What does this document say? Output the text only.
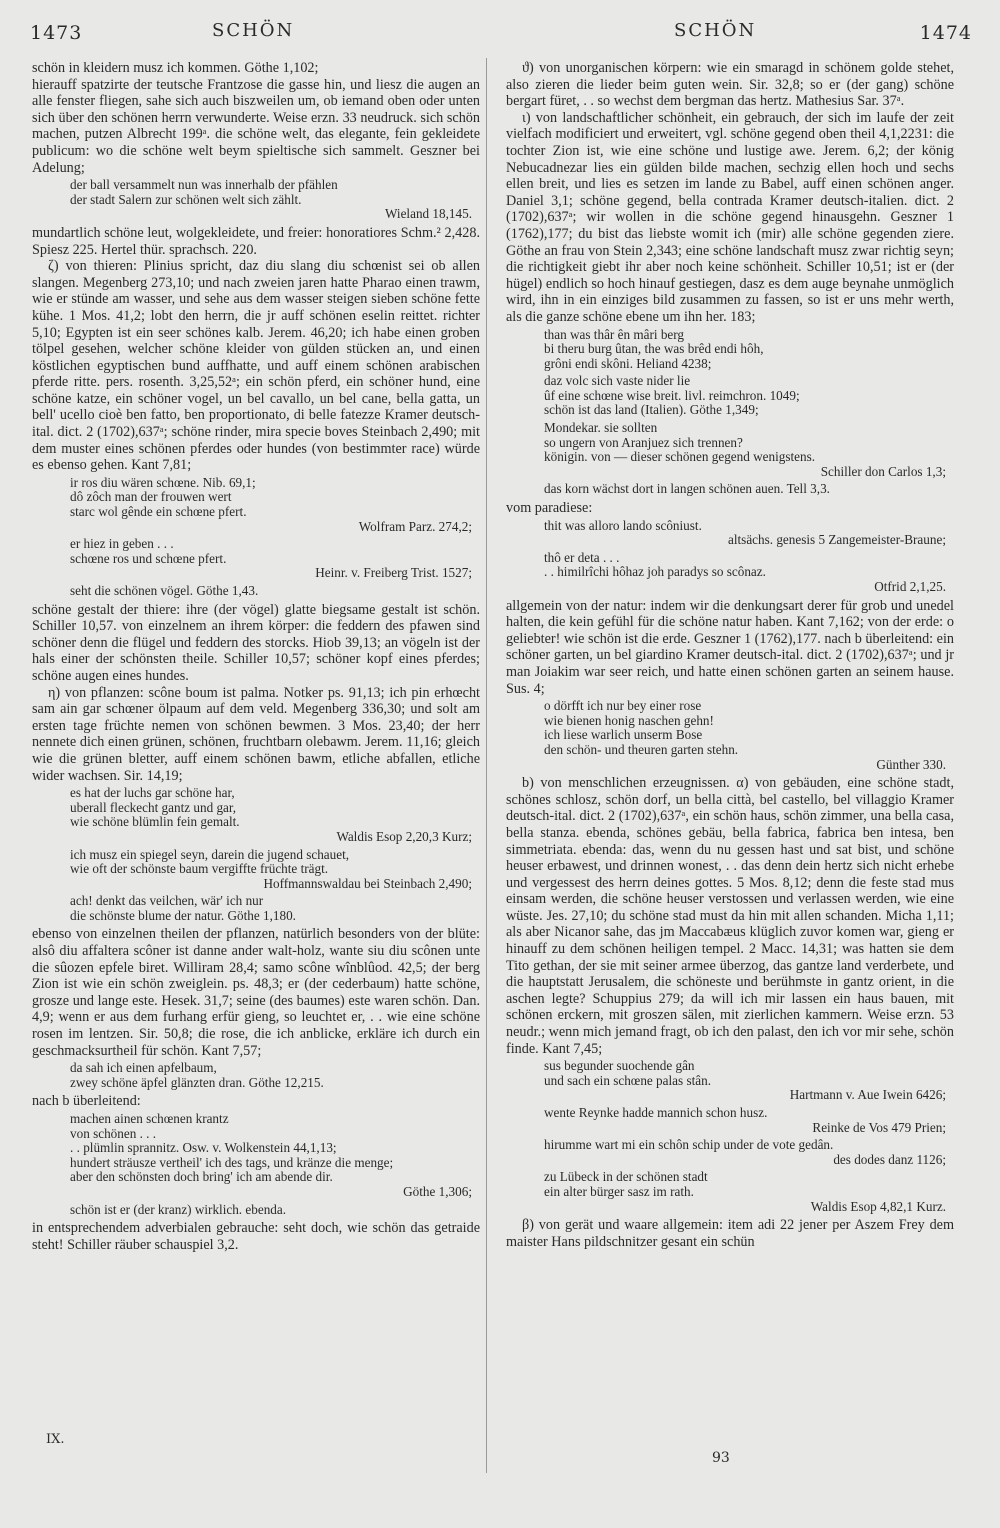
1473	SCHÖN	SCHÖN	1474

schön in kleidern musz ich kommen. Göthe 1,102;

hierauff spatzirte der teutsche Frantzose die gasse hin, und liesz die augen an alle fenster fliegen, sahe sich auch biszweilen um, ob iemand oben oder unten sich über den schönen herrn verwunderte. Weise erzn. 33 neudruck. sich schön machen, putzen Albrecht 199ᵃ. die schöne welt, das elegante, fein gekleidete publicum: wo die schöne welt beym spieltische sich sammelt. Geszner bei Adelung;

der ball versammelt nun was innerhalb der pfählen
der stadt Salern zur schönen welt sich zählt.
Wieland 18,145.

mundartlich schöne leut, wolgekleidete, und freier: honoratiores Schm.² 2,428. Spiesz 225. Hertel thür. sprachsch. 220.

ζ) von thieren: Plinius spricht, daz diu slang diu schœnist sei ob allen slangen. Megenberg 273,10; und nach zweien jaren hatte Pharao einen trawm, wie er stünde am wasser, und sehe aus dem wasser steigen sieben schöne fette kühe. 1 Mos. 41,2; lobt den herrn, die jr auff schönen eselin reittet. richter 5,10; Egypten ist ein seer schönes kalb. Jerem. 46,20; ich habe einen groben tölpel gesehen, welcher schöne kleider von gülden stücken an, und einen köstlichen egyptischen bund auffhatte, und auff einem schönen arabischen pferde ritte. pers. rosenth. 3,25,52ᵃ; ein schön pferd, ein schöner hund, eine schöne katze, ein schöner vogel, un bel cavallo, un bel cane, bella gatta, un bell' ucello cioè ben fatto, ben proportionato, di belle fatezze Kramer deutsch-ital. dict. 2 (1702),637ᵃ; schöne rinder, mira specie boves Steinbach 2,490; mit dem muster eines schönen pferdes oder hundes (von bestimmter race) würde es ebenso gehen. Kant 7,81;

ir ros diu wären schœne. Nib. 69,1;
dô zôch man der frouwen wert
starc wol gênde ein schœne pfert.
Wolfram Parz. 274,2;
er hiez in geben . . .
schœne ros und schœne pfert.
Heinr. v. Freiberg Trist. 1527;
seht die schönen vögel. Göthe 1,43.

schöne gestalt der thiere: ihre (der vögel) glatte biegsame gestalt ist schön. Schiller 10,57. von einzelnem an ihrem körper: die feddern des pfawen sind schöner denn die flügel und feddern des storcks. Hiob 39,13; an vögeln ist der hals einer der schönsten theile. Schiller 10,57; schöner kopf eines pferdes; schöne augen eines hundes.

η) von pflanzen: scône boum ist palma. Notker ps. 91,13; ich pin erhœcht sam ain gar schœner ölpaum auf dem veld. Megenberg 336,30; und solt am ersten tage früchte nemen von schönen bewmen. 3 Mos. 23,40; der herr nennete dich einen grünen, schönen, fruchtbarn olebawm. Jerem. 11,16; gleich wie die grünen bletter, auff einem schönen bawm, etliche abfallen, etliche wider wachsen. Sir. 14,19;

es hat der luchs gar schöne har,
uberall fleckecht gantz und gar,
wie schöne blümlin fein gemalt.
Waldis Esop 2,20,3 Kurz;
ich musz ein spiegel seyn, darein die jugend schauet,
wie oft der schönste baum vergiffte früchte trägt.
Hoffmannswaldau bei Steinbach 2,490;
ach! denkt das veilchen, wär' ich nur
die schönste blume der natur. Göthe 1,180.

ebenso von einzelnen theilen der pflanzen, natürlich besonders von der blüte: alsô diu affaltera scôner ist danne ander walt-holz, wante siu diu scônen unte die sûozen epfele biret. Williram 28,4; samo scône wînblûod. 42,5; der berg Zion ist wie ein schön zweiglein. ps. 48,3; er (der cederbaum) hatte schöne, grosze und lange este. Hesek. 31,7; seine (des baumes) este waren schön. Dan. 4,9; wenn er aus dem furhang erfür gieng, so leuchtet er, . . wie eine schöne rosen im lentzen. Sir. 50,8; die rose, die ich anblicke, erkläre ich durch ein geschmacksurtheil für schön. Kant 7,57;

da sah ich einen apfelbaum,
zwey schöne äpfel glänzten dran. Göthe 12,215.

nach b überleitend:

machen ainen schœnen krantz
von schönen . . .
. . plümlin sprannitz. Osw. v. Wolkenstein 44,1,13;
hundert sträusze vertheil' ich des tags, und kränze die menge;
aber den schönsten doch bring' ich am abende dir.
Göthe 1,306;
schön ist er (der kranz) wirklich. ebenda.

in entsprechendem adverbialen gebrauche: seht doch, wie schön das getraide steht! Schiller räuber schauspiel 3,2.

ϑ) von unorganischen körpern: wie ein smaragd in schönem golde stehet, also zieren die lieder beim guten wein. Sir. 32,8; so er (der gang) schöne bergart füret, . . so wechst dem bergman das hertz. Mathesius Sar. 37ᵃ.

ι) von landschaftlicher schönheit, ein gebrauch, der sich im laufe der zeit vielfach modificiert und erweitert, vgl. schöne gegend oben theil 4,1,2231: die tochter Zion ist, wie eine schöne und lustige awe. Jerem. 6,2; der könig Nebucadnezar lies ein gülden bilde machen, sechzig ellen hoch und sechs ellen breit, und lies es setzen im lande zu Babel, auff einen schönen anger. Daniel 3,1; schöne gegend, bella contrada Kramer deutsch-italien. dict. 2 (1702),637ᵃ; wir wollen in die schöne gegend hinausgehn. Geszner 1 (1762),177; du bist das liebste womit ich (mir) alle schöne gegenden ziere. Göthe an frau von Stein 2,343; eine schöne landschaft musz zwar richtig seyn; die richtigkeit giebt ihr aber noch keine schönheit. Schiller 10,51; ist er (der hügel) endlich so hoch hinauf gestiegen, dasz es dem auge beynahe unmöglich wird, ihn in ein einziges bild zusammen zu fassen, so ist er uns mehr werth, als die ganze schöne ebene um ihn her. 183;

than was thâr ên mâri berg
bi theru burg ûtan, the was brêd endi hôh,
grôni endi skôni. Heliand 4238;
daz volc sich vaste nider lie
ûf eine schœne wise breit. livl. reimchron. 1049;
schön ist das land (Italien). Göthe 1,349;
Mondekar. sie sollten
so ungern von Aranjuez sich trennen?
königin. von — dieser schönen gegend wenigstens.
Schiller don Carlos 1,3;
das korn wächst dort in langen schönen auen. Tell 3,3.

vom paradiese:

thit was alloro lando scôniust.
altsächs. genesis 5 Zangemeister-Braune;
thô er deta . . .
. . himilrîchi hôhaz joh paradys so scônaz.
Otfrid 2,1,25.

allgemein von der natur: indem wir die denkungsart derer für grob und unedel halten, die kein gefühl für die schöne natur haben. Kant 7,162; von der erde: o geliebter! wie schön ist die erde. Geszner 1 (1762),177. nach b überleitend: ein schöner garten, un bel giardino Kramer deutsch-ital. dict. 2 (1702),637ᵃ; und jr man Joiakim war seer reich, und hatte einen schönen garten an seinem hause. Sus. 4;

o dörfft ich nur bey einer rose
wie bienen honig naschen gehn!
ich liese warlich unserm Bose
den schön- und theuren garten stehn.
Günther 330.

b) von menschlichen erzeugnissen. α) von gebäuden, eine schöne stadt, schönes schlosz, schön dorf, un bella città, bel castello, bel villaggio Kramer deutsch-ital. dict. 2 (1702),637ᵃ, ein schön haus, schön zimmer, una bella casa, bella stanza. ebenda, schönes gebäu, bella fabrica, fabrica ben intesa, ben simmetriata. ebenda: das, wenn du nu gessen hast und sat bist, und schöne heuser erbawest, und drinnen wonest, . . das denn dein hertz sich nicht erhebe und vergessest des herrn deines gottes. 5 Mos. 8,12; denn die feste stad mus einsam werden, die schöne heuser verstossen und verlassen werden, wie eine wüste. Jes. 27,10; du schöne stad must da hin mit allen schanden. Micha 1,11; als aber Nicanor sahe, das jm Maccabæus klüglich zuvor komen war, gieng er hinauff zu dem schönen heiligen tempel. 2 Macc. 14,31; was hatten sie dem Tito gethan, der sie mit seiner armee überzog, das gantze land verderbete, und die hauptstatt Jerusalem, die schöneste und berühmste in gantz orient, in die aschen legte? Schuppius 279; da will ich mir lassen ein haus bauen, mit schönen erckern, mit groszen sälen, mit zierlichen kammern. Weise erzn. 53 neudr.; wenn mich jemand fragt, ob ich den palast, den ich vor mir sehe, schön finde. Kant 7,45;

sus begunder suochende gân
und sach ein schœne palas stân.
Hartmann v. Aue Iwein 6426;
wente Reynke hadde mannich schon husz.
Reinke de Vos 479 Prien;
hirumme wart mi ein schôn schip under de vote gedân.
des dodes danz 1126;
zu Lübeck in der schönen stadt
ein alter bürger sasz im rath.
Waldis Esop 4,82,1 Kurz.

β) von gerät und waare allgemein: item adi 22 jener per Aszem Frey dem maister Hans pildschnitzer gesant ein schün

IX.
93
